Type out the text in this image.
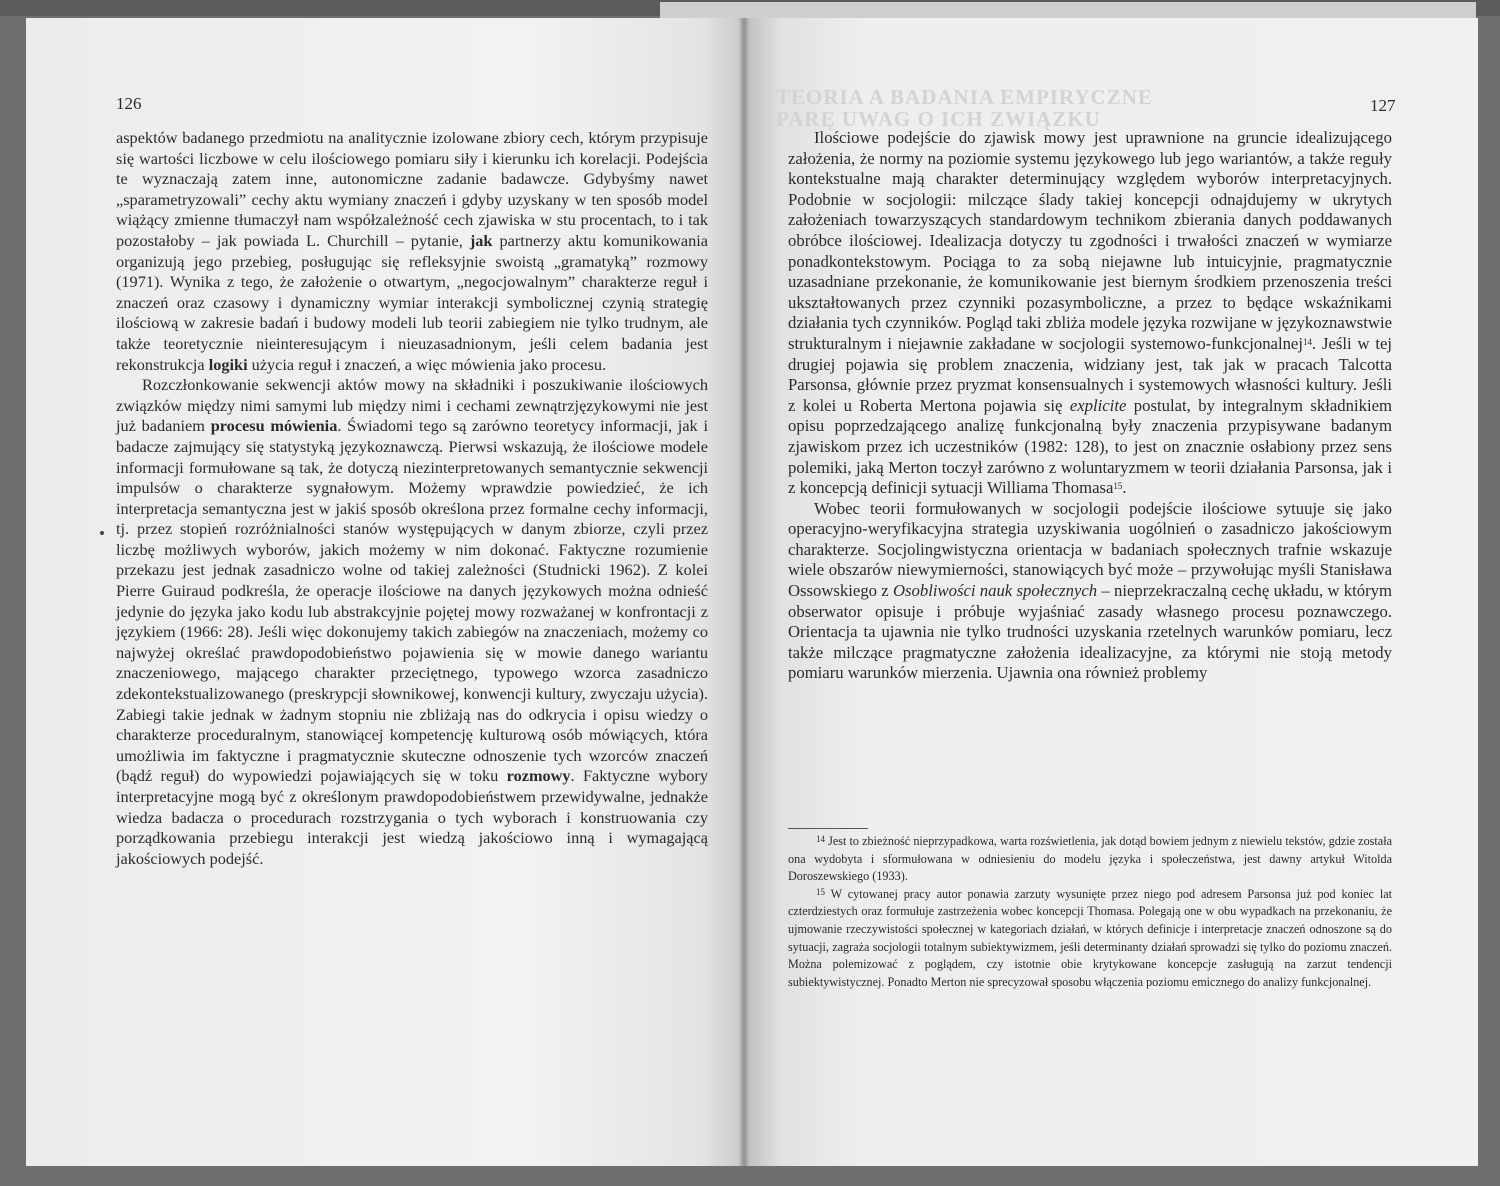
126

aspektów badanego przedmiotu na analitycznie izolowane zbiory cech, którym przypisuje się wartości liczbowe w celu ilościowego pomiaru siły i kierunku ich korelacji. Podejścia te wyznaczają zatem inne, autonomiczne zadanie badawcze. Gdybyśmy nawet „sparametryzowali” cechy aktu wymiany znaczeń i gdyby uzyskany w ten sposób model wiążący zmienne tłumaczył nam współzależność cech zjawiska w stu procentach, to i tak pozostałoby – jak powiada L. Churchill – pytanie, jak partnerzy aktu komunikowania organizują jego przebieg, posługując się refleksyjnie swoistą „gramatyką” rozmowy (1971). Wynika z tego, że założenie o otwartym, „negocjowalnym” charakterze reguł i znaczeń oraz czasowy i dynamiczny wymiar interakcji symbolicznej czynią strategię ilościową w zakresie badań i budowy modeli lub teorii zabiegiem nie tylko trudnym, ale także teoretycznie nieinteresującym i nieuzasadnionym, jeśli celem badania jest rekonstrukcja logiki użycia reguł i znaczeń, a więc mówienia jako procesu.

Rozczłonkowanie sekwencji aktów mowy na składniki i poszukiwanie ilościowych związków między nimi samymi lub między nimi i cechami zewnątrzjęzykowymi nie jest już badaniem procesu mówienia. Świadomi tego są zarówno teoretycy informacji, jak i badacze zajmujący się statystyką językoznawczą. Pierwsi wskazują, że ilościowe modele informacji formułowane są tak, że dotyczą niezinterpretowanych semantycznie sekwencji impulsów o charakterze sygnałowym. Możemy wprawdzie powiedzieć, że ich interpretacja semantyczna jest w jakiś sposób określona przez formalne cechy informacji, tj. przez stopień rozróżnialności stanów występujących w danym zbiorze, czyli przez liczbę możliwych wyborów, jakich możemy w nim dokonać. Faktyczne rozumienie przekazu jest jednak zasadniczo wolne od takiej zależności (Studnicki 1962). Z kolei Pierre Guiraud podkreśla, że operacje ilościowe na danych językowych można odnieść jedynie do języka jako kodu lub abstrakcyjnie pojętej mowy rozważanej w konfrontacji z językiem (1966: 28). Jeśli więc dokonujemy takich zabiegów na znaczeniach, możemy co najwyżej określać prawdopodobieństwo pojawienia się w mowie danego wariantu znaczeniowego, mającego charakter przeciętnego, typowego wzorca zasadniczo zdekontekstualizowanego (preskrypcji słownikowej, konwencji kultury, zwyczaju użycia). Zabiegi takie jednak w żadnym stopniu nie zbliżają nas do odkrycia i opisu wiedzy o charakterze proceduralnym, stanowiącej kompetencję kulturową osób mówiących, która umożliwia im faktyczne i pragmatycznie skuteczne odnoszenie tych wzorców znaczeń (bądź reguł) do wypowiedzi pojawiających się w toku rozmowy. Faktyczne wybory interpretacyjne mogą być z określonym prawdopodobieństwem przewidywalne, jednakże wiedza badacza o procedurach rozstrzygania o tych wyborach i konstruowania czy porządkowania przebiegu interakcji jest wiedzą jakościowo inną i wymagającą jakościowych podejść.

TEORIA A BADANIA EMPIRYCZNE
PARĘ UWAG O ICH ZWIĄZKU
127

Ilościowe podejście do zjawisk mowy jest uprawnione na gruncie idealizującego założenia, że normy na poziomie systemu językowego lub jego wariantów, a także reguły kontekstualne mają charakter determinujący względem wyborów interpretacyjnych. Podobnie w socjologii: milczące ślady takiej koncepcji odnajdujemy w ukrytych założeniach towarzyszących standardowym technikom zbierania danych poddawanych obróbce ilościowej. Idealizacja dotyczy tu zgodności i trwałości znaczeń w wymiarze ponadkontekstowym. Pociąga to za sobą niejawne lub intuicyjnie, pragmatycznie uzasadniane przekonanie, że komunikowanie jest biernym środkiem przenoszenia treści ukształtowanych przez czynniki pozasymboliczne, a przez to będące wskaźnikami działania tych czynników. Pogląd taki zbliża modele języka rozwijane w językoznawstwie strukturalnym i niejawnie zakładane w socjologii systemowo-funkcjonalnej$^{14}$. Jeśli w tej drugiej pojawia się problem znaczenia, widziany jest, tak jak w pracach Talcotta Parsonsa, głównie przez pryzmat konsensualnych i systemowych własności kultury. Jeśli z kolei u Roberta Mertona pojawia się explicite postulat, by integralnym składnikiem opisu poprzedzającego analizę funkcjonalną były znaczenia przypisywane badanym zjawiskom przez ich uczestników (1982: 128), to jest on znacznie osłabiony przez sens polemiki, jaką Merton toczył zarówno z woluntaryzmem w teorii działania Parsonsa, jak i z koncepcją definicji sytuacji Williama Thomasa$^{15}$.

Wobec teorii formułowanych w socjologii podejście ilościowe sytuuje się jako operacyjno-weryfikacyjna strategia uzyskiwania uogólnień o zasadniczo jakościowym charakterze. Socjolingwistyczna orientacja w badaniach społecznych trafnie wskazuje wiele obszarów niewymierności, stanowiących być może – przywołując myśli Stanisława Ossowskiego z Osobliwości nauk społecznych – nieprzekraczalną cechę układu, w którym obserwator opisuje i próbuje wyjaśniać zasady własnego procesu poznawczego. Orientacja ta ujawnia nie tylko trudności uzyskania rzetelnych warunków pomiaru, lecz także milczące pragmatyczne założenia idealizacyjne, za którymi nie stoją metody pomiaru warunków mierzenia. Ujawnia ona również problemy

$^{14}$ Jest to zbieżność nieprzypadkowa, warta rozświetlenia, jak dotąd bowiem jednym z niewielu tekstów, gdzie została ona wydobyta i sformułowana w odniesieniu do modelu języka i społeczeństwa, jest dawny artykuł Witolda Doroszewskiego (1933).

$^{15}$ W cytowanej pracy autor ponawia zarzuty wysunięte przez niego pod adresem Parsonsa już pod koniec lat czterdziestych oraz formułuje zastrzeżenia wobec koncepcji Thomasa. Polegają one w obu wypadkach na przekonaniu, że ujmowanie rzeczywistości społecznej w kategoriach działań, w których definicje i interpretacje znaczeń odnoszone są do sytuacji, zagraża socjologii totalnym subiektywizmem, jeśli determinanty działań sprowadzi się tylko do poziomu znaczeń. Można polemizować z poglądem, czy istotnie obie krytykowane koncepcje zasługują na zarzut tendencji subiektywistycznej. Ponadto Merton nie sprecyzował sposobu włączenia poziomu emicznego do analizy funkcjonalnej.
